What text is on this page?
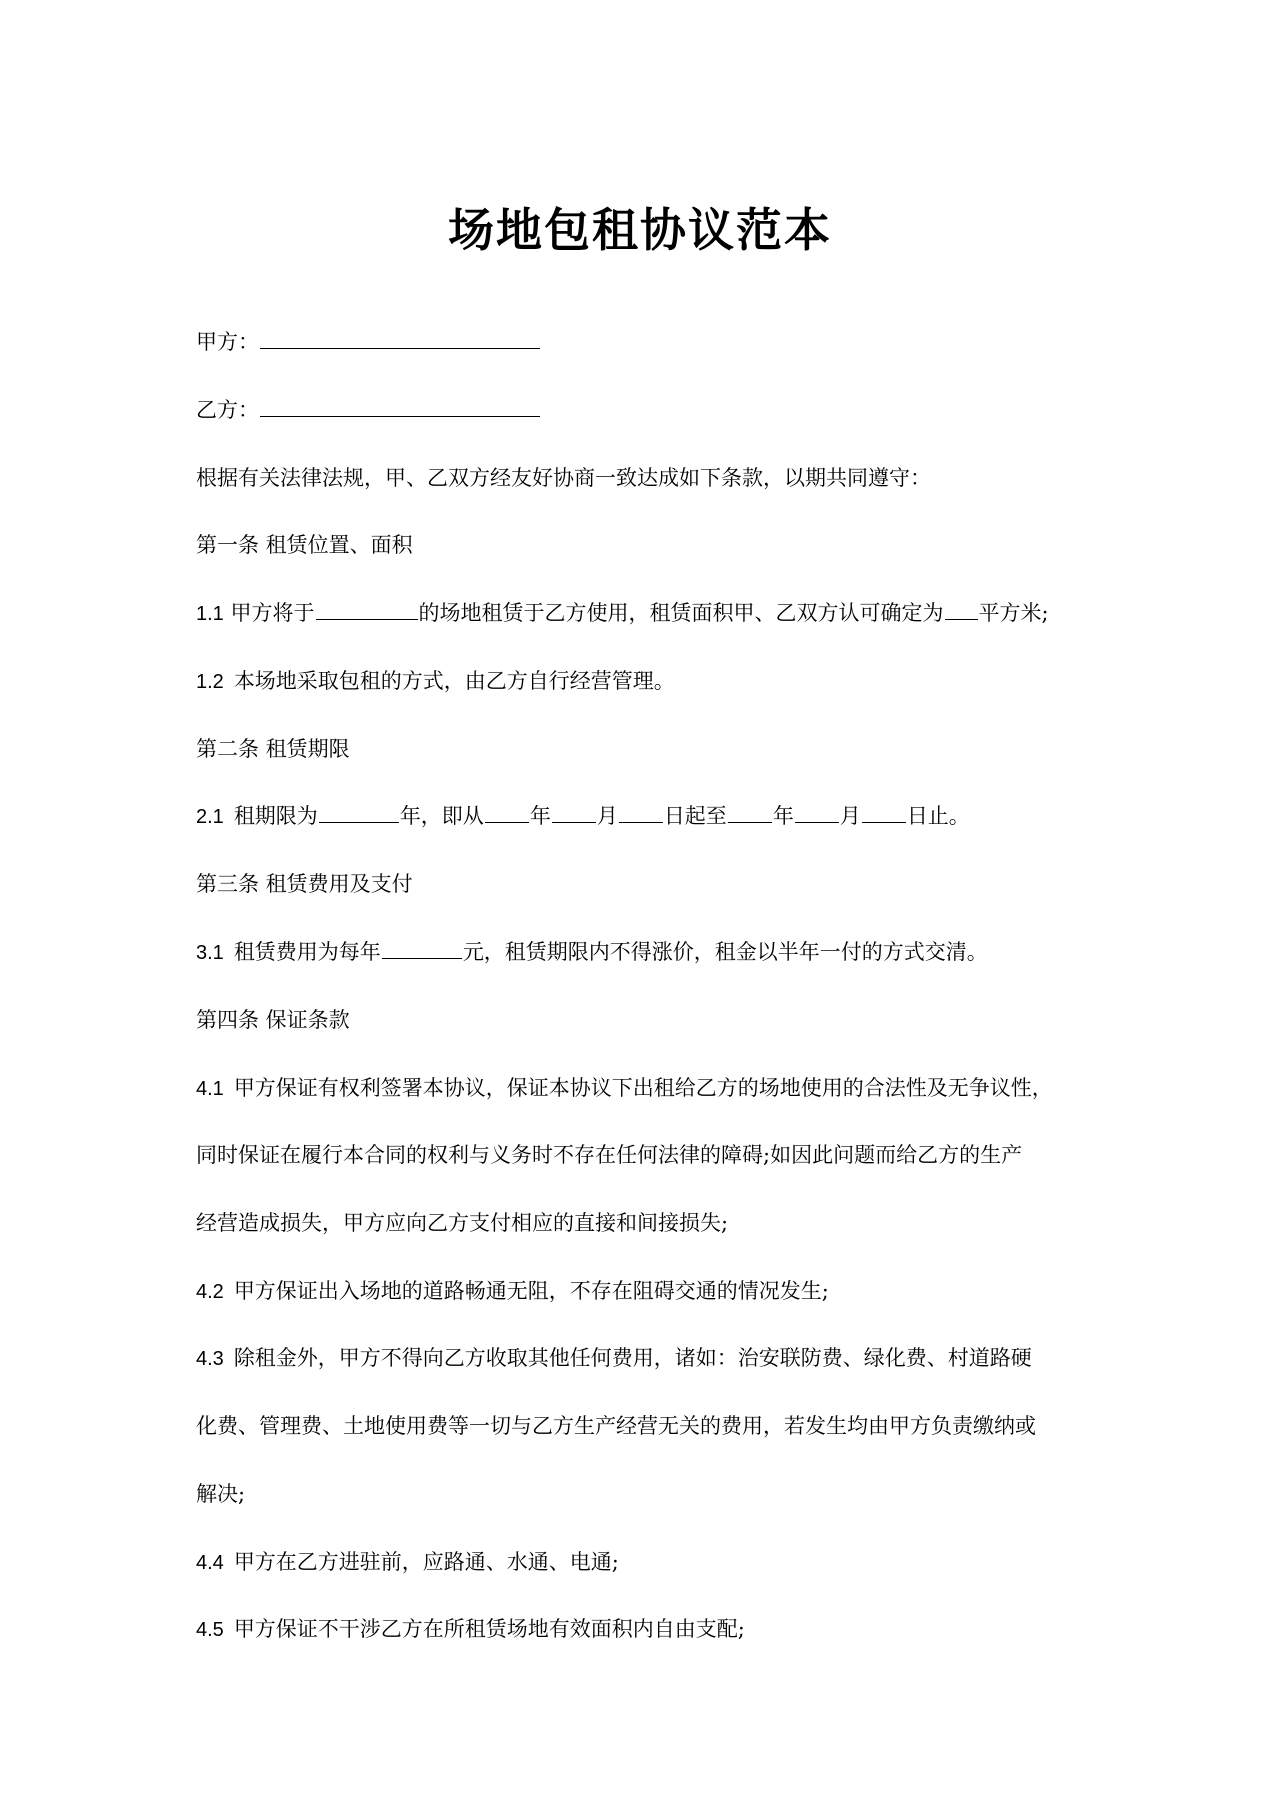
场地包租协议范本
甲方：
乙方：
根据有关法律法规，甲、乙双方经友好协商一致达成如下条款，以期共同遵守：
第一条 租赁位置、面积
1.1 甲方将于	的场地租赁于乙方使用，租赁面积甲、乙双方认可确定为 平方米;
1.2 本场地采取包租的方式，由乙方自行经营管理。
第二条 租赁期限
2.1 租期限为	年，即从 年 月 日起至 年 月 日止。
第三条 租赁费用及支付
3.1 租赁费用为每年	元，租赁期限内不得涨价，租金以半年一付的方式交清。
第四条 保证条款
4.1 甲方保证有权利签署本协议，保证本协议下出租给乙方的场地使用的合法性及无争议性，
同时保证在履行本合同的权利与义务时不存在任何法律的障碍;如因此问题而给乙方的生产
经营造成损失，甲方应向乙方支付相应的直接和间接损失;
4.2 甲方保证出入场地的道路畅通无阻，不存在阻碍交通的情况发生;
4.3 除租金外，甲方不得向乙方收取其他任何费用，诸如：治安联防费、绿化费、村道路硬
化费、管理费、土地使用费等一切与乙方生产经营无关的费用，若发生均由甲方负责缴纳或
解决;
4.4 甲方在乙方进驻前，应路通、水通、电通;
4.5 甲方保证不干涉乙方在所租赁场地有效面积内自由支配;
